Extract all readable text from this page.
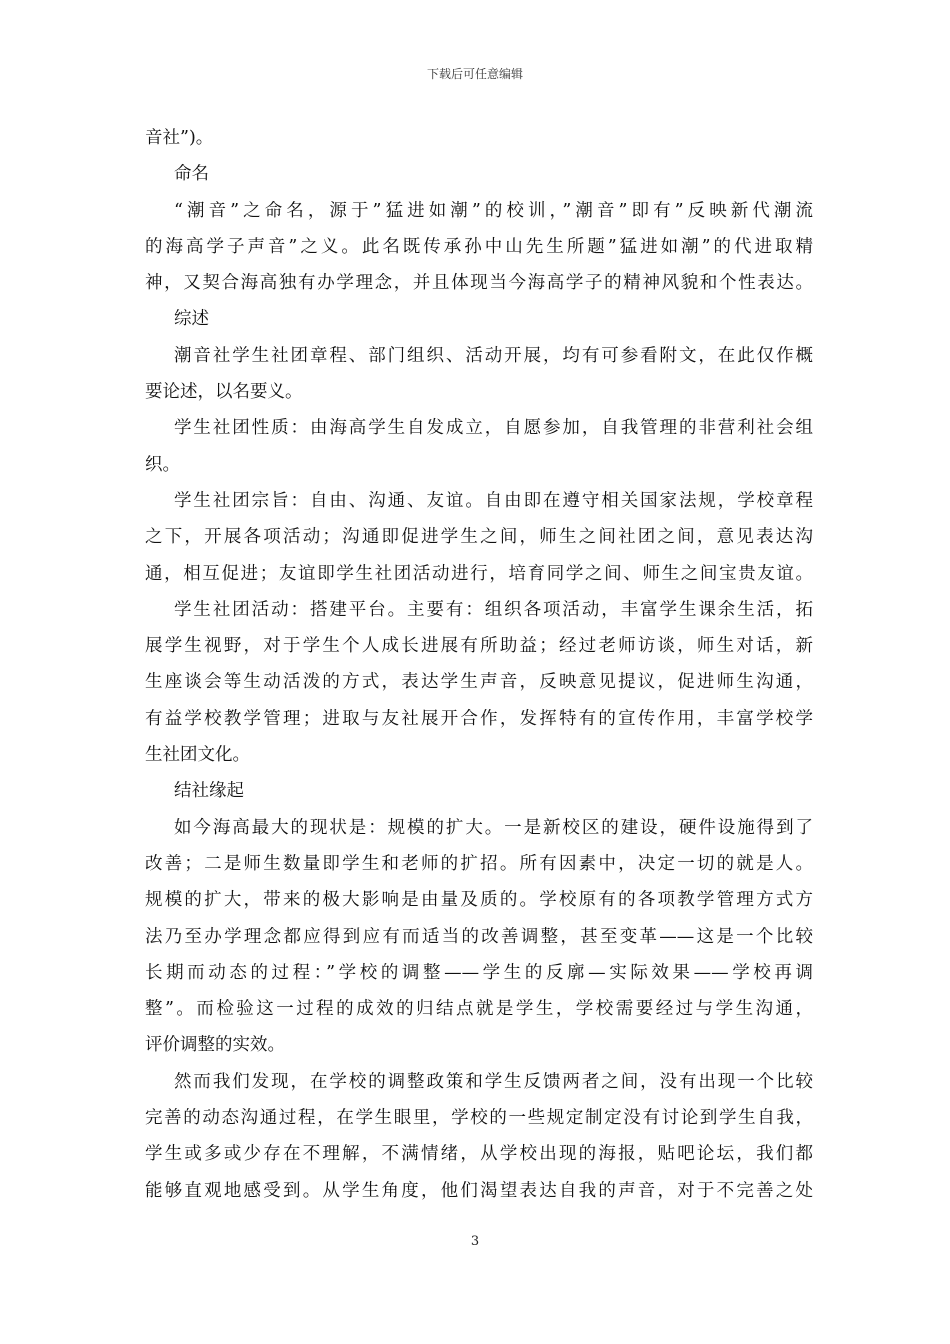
下载后可任意编辑
音社”)。
命名
“潮音”之命名，源于”猛进如潮”的校训，”潮音”即有”反映新代潮流
的海高学子声音”之义。此名既传承孙中山先生所题”猛进如潮”的代进取精
神，又契合海高独有办学理念，并且体现当今海高学子的精神风貌和个性表达。
综述
潮音社学生社团章程、部门组织、活动开展，均有可参看附文，在此仅作概
要论述，以名要义。
学生社团性质：由海高学生自发成立，自愿参加，自我管理的非营利社会组
织。
学生社团宗旨：自由、沟通、友谊。自由即在遵守相关国家法规，学校章程
之下，开展各项活动；沟通即促进学生之间，师生之间社团之间，意见表达沟
通，相互促进；友谊即学生社团活动进行，培育同学之间、师生之间宝贵友谊。
学生社团活动：搭建平台。主要有：组织各项活动，丰富学生课余生活，拓
展学生视野，对于学生个人成长进展有所助益；经过老师访谈，师生对话，新
生座谈会等生动活泼的方式，表达学生声音，反映意见提议，促进师生沟通，
有益学校教学管理；进取与友社展开合作，发挥特有的宣传作用，丰富学校学
生社团文化。
结社缘起
如今海高最大的现状是：规模的扩大。一是新校区的建设，硬件设施得到了
改善；二是师生数量即学生和老师的扩招。所有因素中，决定一切的就是人。
规模的扩大，带来的极大影响是由量及质的。学校原有的各项教学管理方式方
法乃至办学理念都应得到应有而适当的改善调整，甚至变革——这是一个比较
长期而动态的过程：”学校的调整——学生的反廓—实际效果——学校再调
整”。而检验这一过程的成效的归结点就是学生，学校需要经过与学生沟通，
评价调整的实效。
然而我们发现，在学校的调整政策和学生反馈两者之间，没有出现一个比较
完善的动态沟通过程，在学生眼里，学校的一些规定制定没有讨论到学生自我，
学生或多或少存在不理解，不满情绪，从学校出现的海报，贴吧论坛，我们都
能够直观地感受到。从学生角度，他们渴望表达自我的声音，对于不完善之处
3
